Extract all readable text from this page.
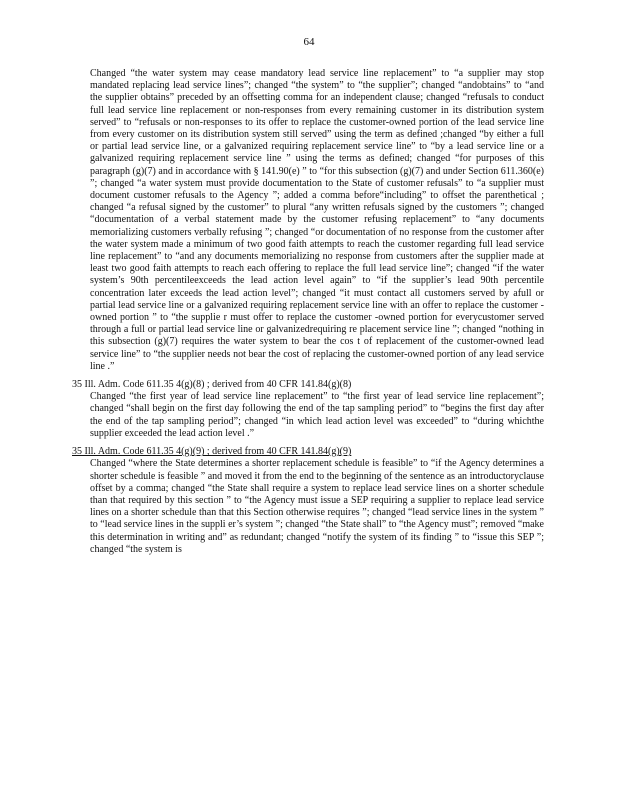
64

Changed “the water system may cease mandatory lead service line replacement” to “a supplier may stop mandated replacing lead service lines”; changed “the system” to “the supplier”; changed “andobtains” to “and the supplier obtains” preceded by an offsetting comma for an independent clause; changed “refusals to conduct full lead service line replacement or non-responses from every remaining customer in its distribution system served” to “refusals or non-responses to its offer to replace the customer-owned portion of the lead service line from every customer on its distribution system still served” using the term as defined ;changed “by either a full or partial lead service line, or a galvanized requiring replacement service line” to “by a lead service line or a galvanized requiring replacement service line ” using the terms as defined; changed “for purposes of this paragraph (g)(7) and in accordance with § 141.90(e) ” to “for this subsection (g)(7) and under Section 611.360(e) ”; changed “a water system must provide documentation to the State of customer refusals” to “a supplier must document customer refusals to the Agency ”; added a comma before“including” to offset the parenthetical ; changed “a refusal signed by the customer” to plural “any written refusals signed by the customers ”; changed “documentation of a verbal statement made by the customer refusing replacement” to “any documents memorializing customers verbally refusing ”; changed “or documentation of no response from the customer after the water system made a minimum of two good faith attempts to reach the customer regarding full lead service line replacement” to “and any documents memorializing no response from customers after the supplier made at least two good faith attempts to reach each offering to replace the full lead service line”; changed “if the water system’s 90th percentileexceeds the lead action level again” to “if the supplier’s lead 90th percentile concentration later exceeds the lead action level”; changed “it must contact all customers served by afull or partial lead service line or a galvanized requiring replacement service line with an offer to replace the customer -owned portion ” to “the supplie r must offer to replace the customer -owned portion for everycustomer served through a full or partial lead service line or galvanizedrequiring re placement service line ”; changed “nothing in this subsection (g)(7) requires the water system to bear the cos t of replacement of the customer-owned lead service line” to “the supplier needs not bear the cost of replacing the customer-owned portion of any lead service line .”

35 Ill. Adm. Code 611.35 4(g)(8) ; derived from 40 CFR 141.84(g)(8)

Changed “the first year of lead service line replacement” to “the first year of lead service line replacement”; changed “shall begin on the first day following the end of the tap sampling period” to “begins the first day after the end of the tap sampling period”; changed “in which lead action level was exceeded” to “during whichthe supplier exceeded the lead action level .”

35 Ill. Adm. Code 611.35 4(g)(9) ; derived from 40 CFR 141.84(g)(9)

Changed “where the State determines a shorter replacement schedule is feasible” to “if the Agency determines a shorter schedule is feasible ” and moved it from the end to the beginning of the sentence as an introductoryclause offset by a comma; changed “the State shall require a system to replace lead service lines on a shorter schedule than that required by this section ” to “the Agency must issue a SEP requiring a supplier to replace lead service lines on a shorter schedule than that this Section otherwise requires ”; changed “lead service lines in the system ” to “lead service lines in the suppli er’s system ”; changed “the State shall” to “the Agency must”; removed “make this determination in writing and” as redundant; changed “notify the system of its finding ” to “issue this SEP ”; changed “the system is
